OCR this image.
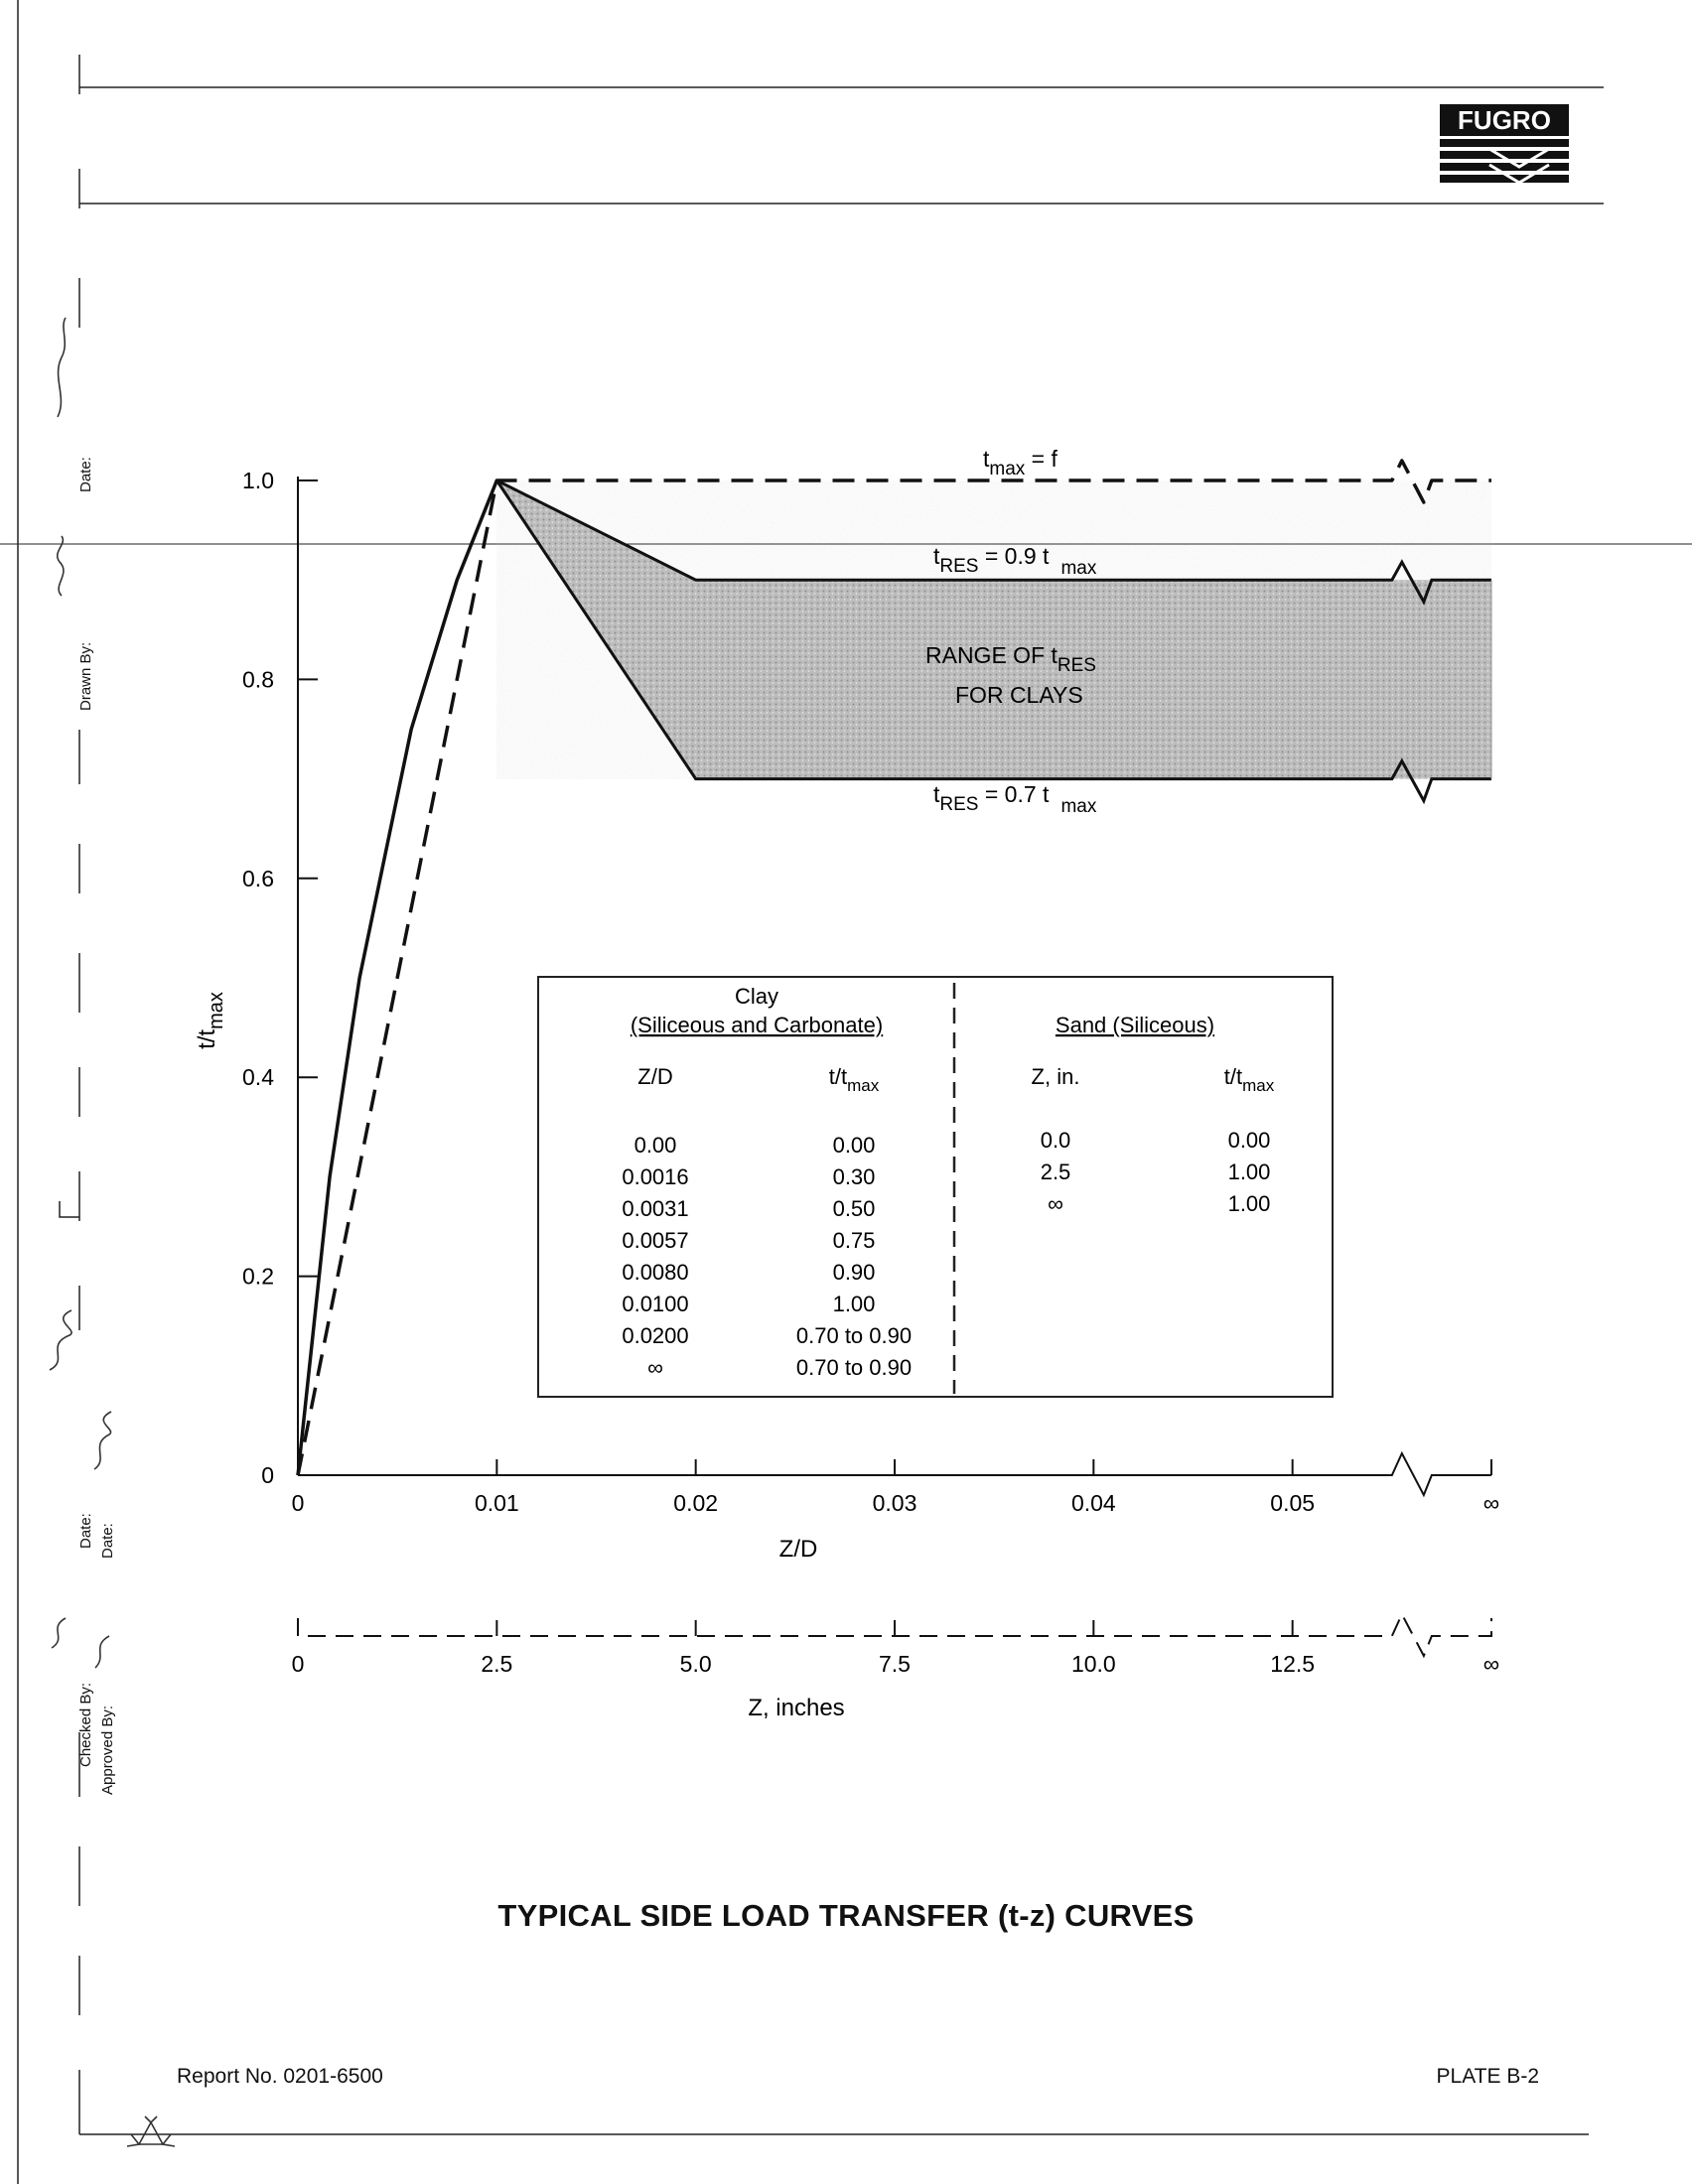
FUGRO
0
0.2
0.4
0.6
0.8
1.0
0	0.01	0.02	0.03	0.04	0.05	∞
0	2.5	5.0	7.5	10.0	12.5	∞
$t_{max} = f$
$t_{RES} = 0.9$ t $_{max}$
$t_{RES} = 0.7$ t $_{max}$
RANGE OF $t_{RES}$
FOR CLAYS
Z/D
Z, inches
$t/t_{max}$	Clay
(Siliceous and Carbonate)	Sand (Siliceous)
Z/D	$t/t_{max}$	Z, in.	$t/t_{max}$
0.00	0.00
0.0016	0.30
0.0031	0.50
0.0057	0.75
0.0080	0.90
0.0100	1.00
0.0200	0.70 to 0.90
∞	0.70 to 0.90
0.0	0.00
2.5	1.00
∞	1.00
Drawn By:
Date:
Checked By: Approved By:
Date: Date:
TYPICAL SIDE LOAD TRANSFER (t-z) CURVES
Report No. 0201-6500	PLATE B-2
